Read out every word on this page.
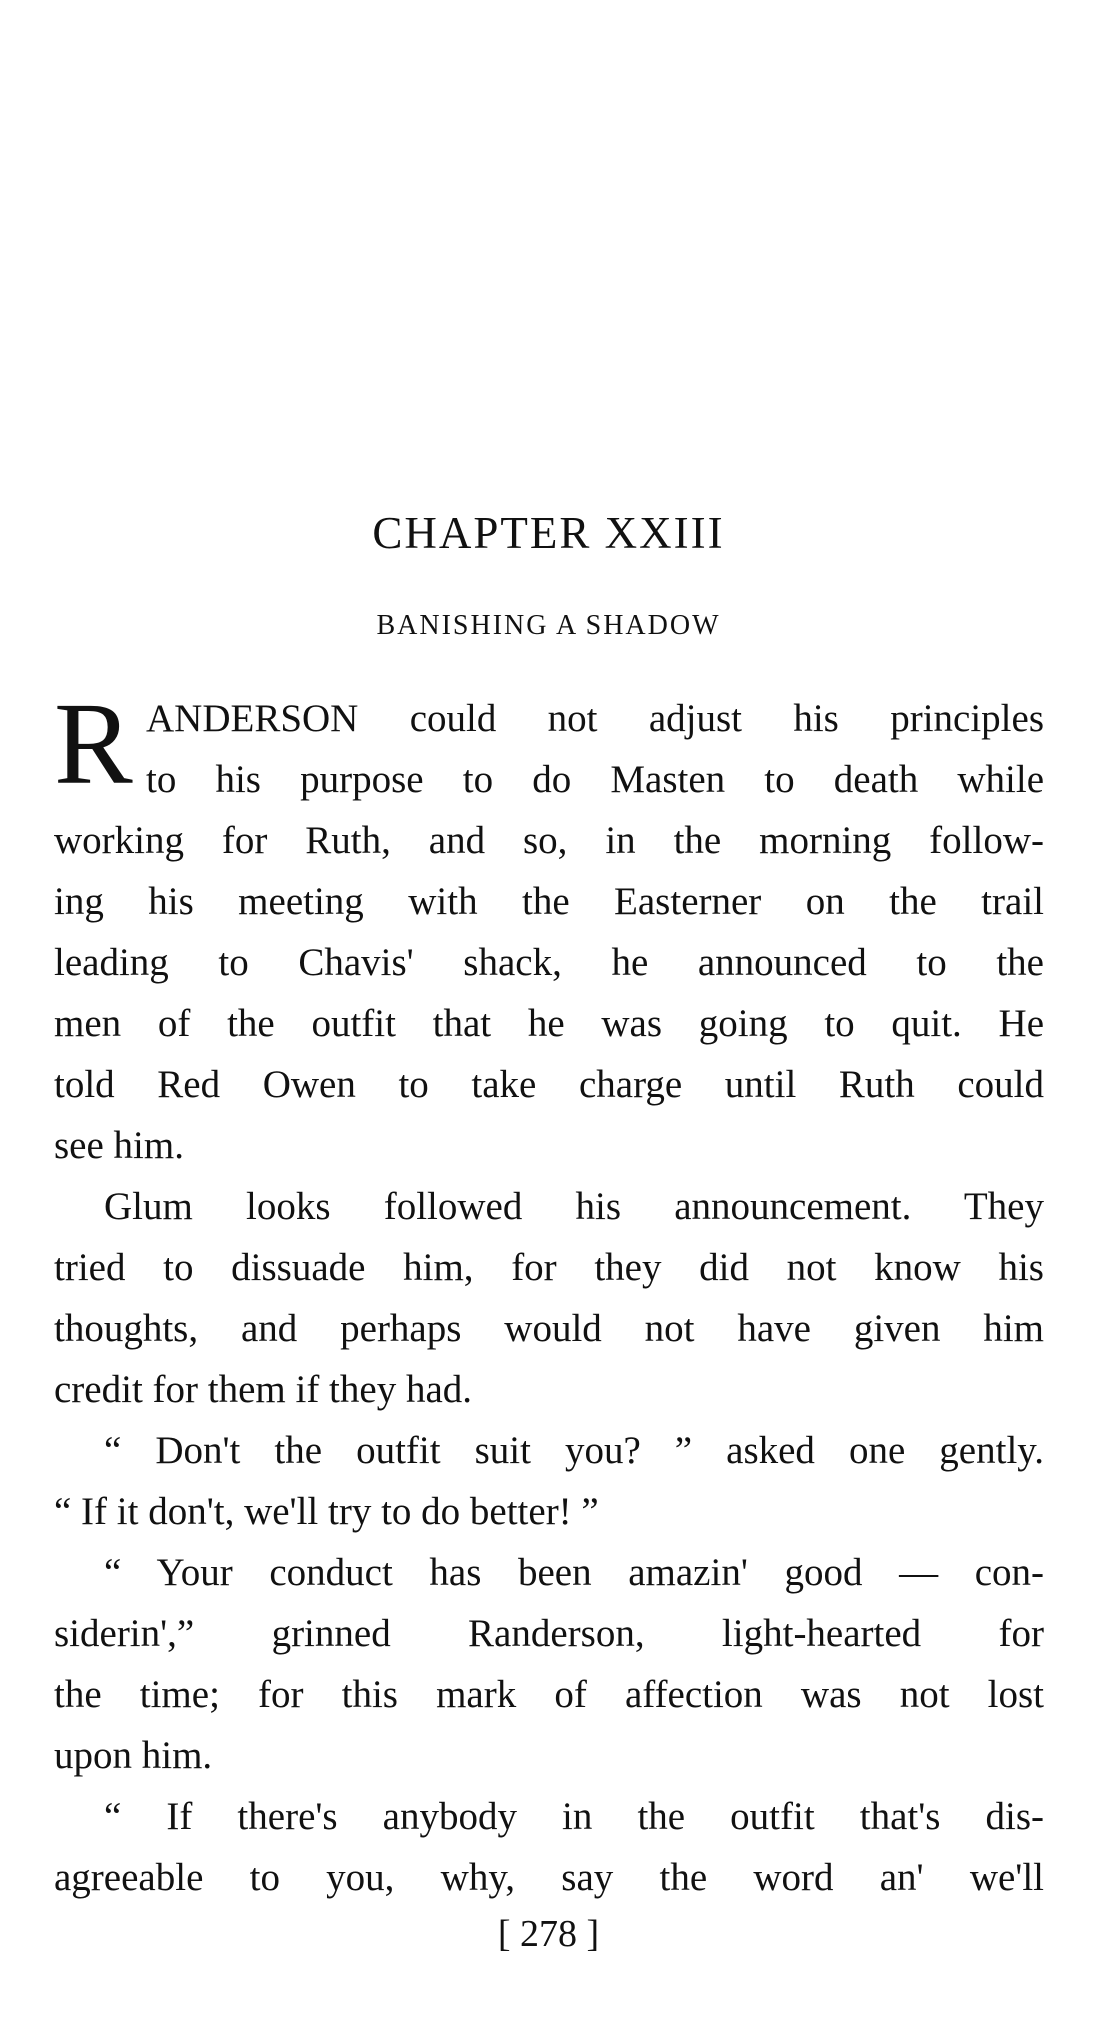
CHAPTER XXIII
BANISHING A SHADOW
R ANDERSON could not adjust his principles
to his purpose to do Masten to death while
working for Ruth, and so, in the morning follow-
ing his meeting with the Easterner on the trail
leading to Chavis' shack, he announced to the
men of the outfit that he was going to quit. He
told Red Owen to take charge until Ruth could
see him.
Glum looks followed his announcement. They
tried to dissuade him, for they did not know his
thoughts, and perhaps would not have given him
credit for them if they had.
“ Don't the outfit suit you? ” asked one gently.
“ If it don't, we'll try to do better! ”
“ Your conduct has been amazin' good — con-
siderin',” grinned Randerson, light-hearted for
the time; for this mark of affection was not lost
upon him.
“ If there's anybody in the outfit that's dis-
agreeable to you, why, say the word an' we'll
[ 278 ]
